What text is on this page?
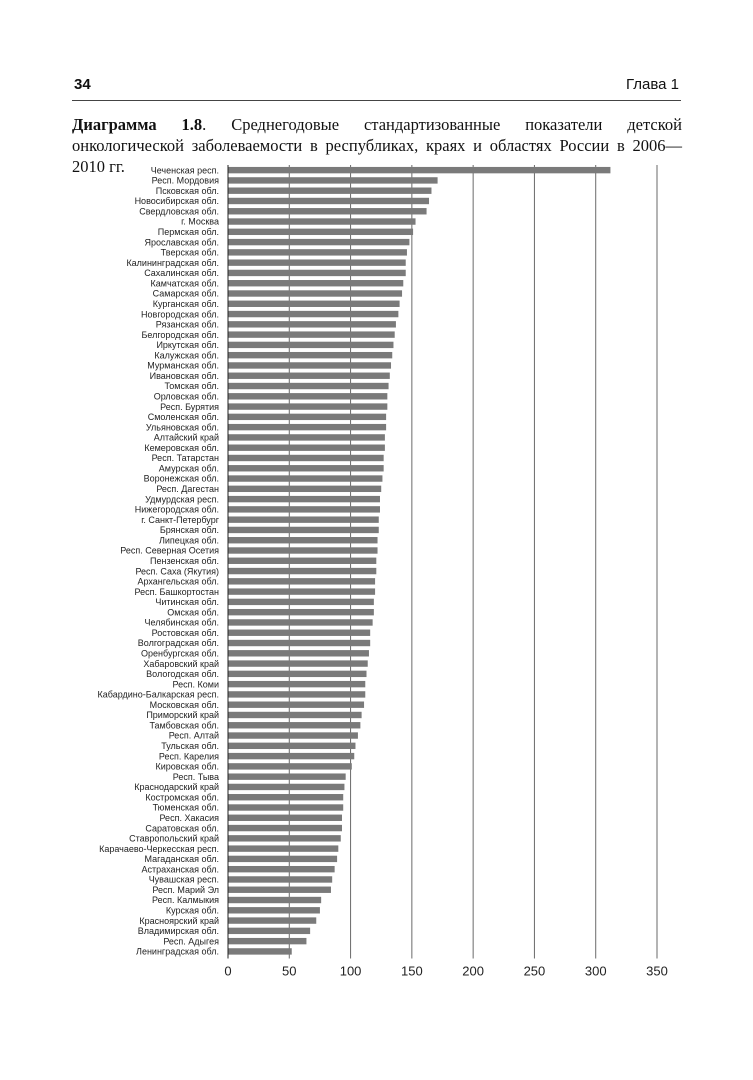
34	Глава 1
Диаграмма 1.8. Среднегодовые стандартизованные показатели детской онкологической заболеваемости в республиках, краях и областях России в 2006—2010 гг.	Чеченская респ.
Респ. Мордовия
Псковская обл.
Новосибирская обл.
Свердловская обл.
г. Москва
Пермская обл.
Ярославская обл.
Тверская обл.
Калининградская обл.
Сахалинская обл.
Камчатская обл.
Самарская обл.
Курганская обл.
Новгородская обл.
Рязанская обл.
Белгородская обл.
Иркутская обл.
Калужская обл.
Мурманская обл.
Ивановская обл.
Томская обл.
Орловская обл.
Респ. Бурятия
Смоленская обл.
Ульяновская обл.
Алтайский край
Кемеровская обл.
Респ. Татарстан
Амурская обл.
Воронежская обл.
Респ. Дагестан
Удмурдская респ.
Нижегородская обл.
г. Санкт-Петербург
Брянская обл.
Липецкая обл.
Респ. Северная Осетия
Пензенская обл.
Респ. Саха (Якутия)
Архангельская обл.
Респ. Башкортостан
Читинская обл.
Омская обл.
Челябинская обл.
Ростовская обл.
Волгоградская обл.
Оренбургская обл.
Хабаровский край
Вологодская обл.
Респ. Коми
Кабардино-Балкарская респ.
Московская обл.
Приморский край
Тамбовская обл.
Респ. Алтай
Тульская обл.
Респ. Карелия
Кировская обл.
Респ. Тыва
Краснодарский край
Костромская обл.
Тюменская обл.
Респ. Хакасия
Саратовская обл.
Ставропольский край
Карачаево-Черкесская респ.
Магаданская обл.
Астраханская обл.
Чувашская респ.
Респ. Марий Эл
Респ. Калмыкия
Курская обл.
Красноярский край
Владимирская обл.
Респ. Адыгея
Ленинградская обл.
0	50	100	150	200	250	300	350
